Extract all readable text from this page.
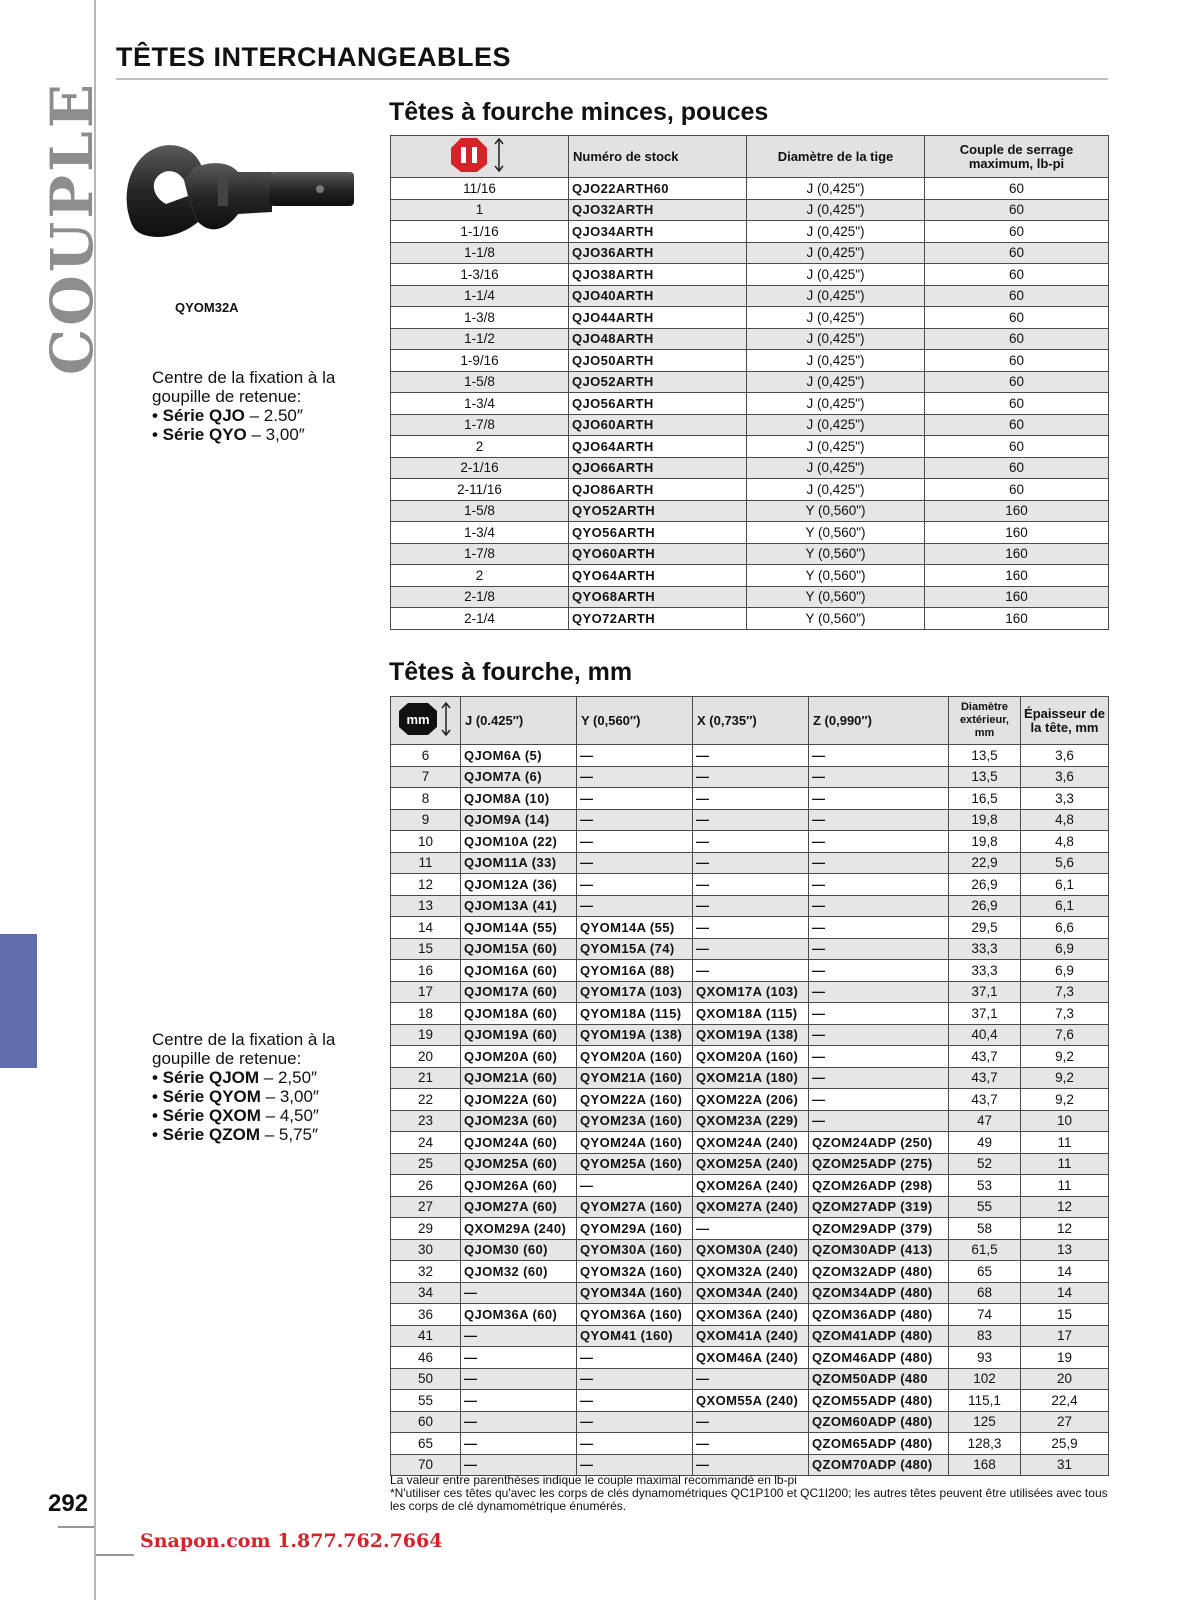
COUPLE
292
Snapon.com 1.877.762.7664
TÊTES INTERCHANGEABLES
QYOM32A
Centre de la fixation à la
goupille de retenue:
• Série QJO – 2.50″
• Série QYO – 3,00″
Centre de la fixation à la
goupille de retenue:
• Série QJOM – 2,50″
• Série QYOM – 3,00″
• Série QXOM – 4,50″
• Série QZOM – 5,75″
Têtes à fourche minces, pouces
	Numéro de stock	Diamètre de la tige	Couple de serrage maximum, lb-pi
11/16	QJO22ARTH60	J (0,425")	60
1	QJO32ARTH	J (0,425")	60
1-1/16	QJO34ARTH	J (0,425")	60
1-1/8	QJO36ARTH	J (0,425")	60
1-3/16	QJO38ARTH	J (0,425")	60
1-1/4	QJO40ARTH	J (0,425")	60
1-3/8	QJO44ARTH	J (0,425")	60
1-1/2	QJO48ARTH	J (0,425")	60
1-9/16	QJO50ARTH	J (0,425")	60
1-5/8	QJO52ARTH	J (0,425")	60
1-3/4	QJO56ARTH	J (0,425")	60
1-7/8	QJO60ARTH	J (0,425")	60
2	QJO64ARTH	J (0,425")	60
2-1/16	QJO66ARTH	J (0,425")	60
2-11/16	QJO86ARTH	J (0,425")	60
1-5/8	QYO52ARTH	Y (0,560")	160
1-3/4	QYO56ARTH	Y (0,560")	160
1-7/8	QYO60ARTH	Y (0,560")	160
2	QYO64ARTH	Y (0,560")	160
2-1/8	QYO68ARTH	Y (0,560")	160
2-1/4	QYO72ARTH	Y (0,560")	160
Têtes à fourche, mm
mm	J (0.425″)	Y (0,560″)	X (0,735″)	Z (0,990″)	Diamètre extérieur, mm	Épaisseur de la tête, mm
6	QJOM6A (5)	—	—	—	13,5	3,6
7	QJOM7A (6)	—	—	—	13,5	3,6
8	QJOM8A (10)	—	—	—	16,5	3,3
9	QJOM9A (14)	—	—	—	19,8	4,8
10	QJOM10A (22)	—	—	—	19,8	4,8
11	QJOM11A (33)	—	—	—	22,9	5,6
12	QJOM12A (36)	—	—	—	26,9	6,1
13	QJOM13A (41)	—	—	—	26,9	6,1
14	QJOM14A (55)	QYOM14A (55)	—	—	29,5	6,6
15	QJOM15A (60)	QYOM15A (74)	—	—	33,3	6,9
16	QJOM16A (60)	QYOM16A (88)	—	—	33,3	6,9
17	QJOM17A (60)	QYOM17A (103)	QXOM17A (103)	—	37,1	7,3
18	QJOM18A (60)	QYOM18A (115)	QXOM18A (115)	—	37,1	7,3
19	QJOM19A (60)	QYOM19A (138)	QXOM19A (138)	—	40,4	7,6
20	QJOM20A (60)	QYOM20A (160)	QXOM20A (160)	—	43,7	9,2
21	QJOM21A (60)	QYOM21A (160)	QXOM21A (180)	—	43,7	9,2
22	QJOM22A (60)	QYOM22A (160)	QXOM22A (206)	—	43,7	9,2
23	QJOM23A (60)	QYOM23A (160)	QXOM23A (229)	—	47	10
24	QJOM24A (60)	QYOM24A (160)	QXOM24A (240)	QZOM24ADP (250)	49	11
25	QJOM25A (60)	QYOM25A (160)	QXOM25A (240)	QZOM25ADP (275)	52	11
26	QJOM26A (60)	—	QXOM26A (240)	QZOM26ADP (298)	53	11
27	QJOM27A (60)	QYOM27A (160)	QXOM27A (240)	QZOM27ADP (319)	55	12
29	QXOM29A (240)	QYOM29A (160)	—	QZOM29ADP (379)	58	12
30	QJOM30 (60)	QYOM30A (160)	QXOM30A (240)	QZOM30ADP (413)	61,5	13
32	QJOM32 (60)	QYOM32A (160)	QXOM32A (240)	QZOM32ADP (480)	65	14
34	—	QYOM34A (160)	QXOM34A (240)	QZOM34ADP (480)	68	14
36	QJOM36A (60)	QYOM36A (160)	QXOM36A (240)	QZOM36ADP (480)	74	15
41	—	QYOM41 (160)	QXOM41A (240)	QZOM41ADP (480)	83	17
46	—	—	QXOM46A (240)	QZOM46ADP (480)	93	19
50	—	—	—	QZOM50ADP (480	102	20
55	—	—	QXOM55A (240)	QZOM55ADP (480)	115,1	22,4
60	—	—	—	QZOM60ADP (480)	125	27
65	—	—	—	QZOM65ADP (480)	128,3	25,9
70	—	—	—	QZOM70ADP (480)	168	31
La valeur entre parenthèses indique le couple maximal recommandé en lb-pi
*N'utiliser ces têtes qu'avec les corps de clés dynamométriques QC1P100 et QC1I200; les autres têtes peuvent être utilisées avec tous les corps de clé dynamométrique énumérés.
